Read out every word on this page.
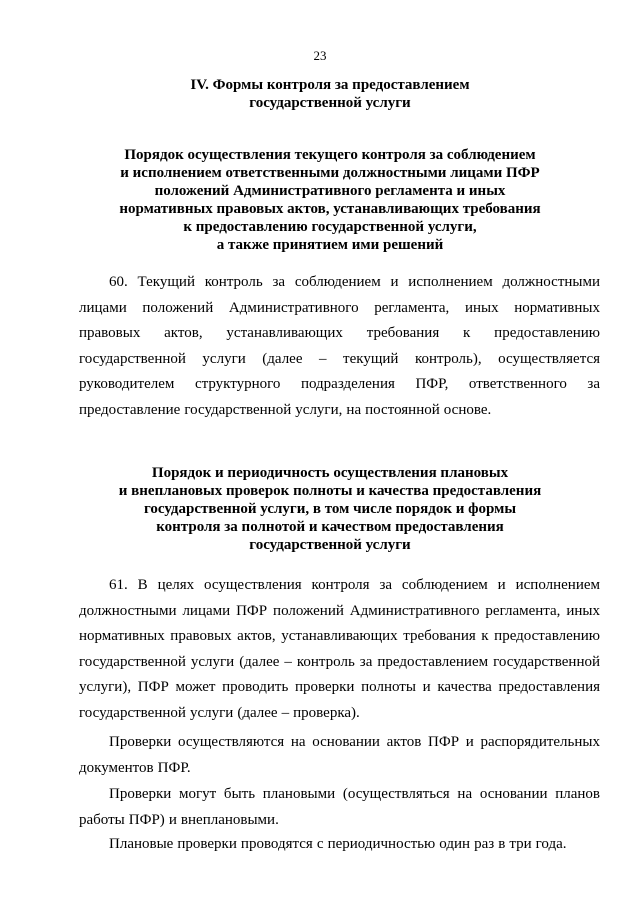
23
IV. Формы контроля за предоставлением
государственной услуги
Порядок осуществления текущего контроля за соблюдением
и исполнением ответственными должностными лицами ПФР
положений Административного регламента и иных
нормативных правовых актов, устанавливающих требования
к предоставлению государственной услуги,
а также принятием ими решений
60. Текущий контроль за соблюдением и исполнением должностными лицами положений Административного регламента, иных нормативных правовых актов, устанавливающих требования к предоставлению государственной услуги (далее – текущий контроль), осуществляется руководителем структурного подразделения ПФР, ответственного за предоставление государственной услуги, на постоянной основе.
Порядок и периодичность осуществления плановых
и внеплановых проверок полноты и качества предоставления
государственной услуги, в том числе порядок и формы
контроля за полнотой и качеством предоставления
государственной услуги
61. В целях осуществления контроля за соблюдением и исполнением должностными лицами ПФР положений Административного регламента, иных нормативных правовых актов, устанавливающих требования к предоставлению государственной услуги (далее – контроль за предоставлением государственной услуги), ПФР может проводить проверки полноты и качества предоставления государственной услуги (далее – проверка).
Проверки осуществляются на основании актов ПФР и распорядительных документов ПФР.
Проверки могут быть плановыми (осуществляться на основании планов работы ПФР) и внеплановыми.
Плановые проверки проводятся с периодичностью один раз в три года.
